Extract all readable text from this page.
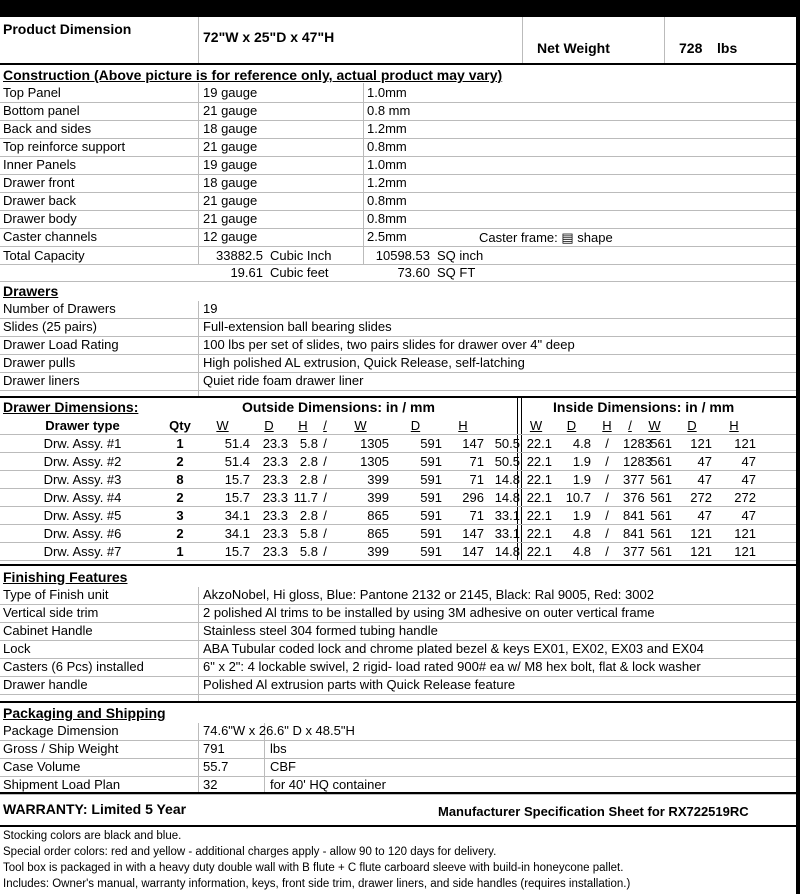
Product Dimension	72"W x 25"D x 47"H
Net Weight	728 lbs
Construction (Above picture is for reference only, actual product may vary)
Caster frame: ▤ shape
Total Capacity	33882.5 Cubic Inch	10598.53 SQ inch
19.61 Cubic feet	73.60 SQ FT
Drawers
Drawer Dimensions:	Outside Dimensions: in / mm	Inside Dimensions: in / mm
Drawer type	Qty	W	D	H	/	W	D	H		W	D	H	/	W	D	H	
Drw. Assy. #1	1	51.4	23.3	5.8	/	1305	591	147	50.5	22.1	4.8	/	1283	561	121	121	
Drw. Assy. #2	2	51.4	23.3	2.8	/	1305	591	71	50.5	22.1	1.9	/	1283	561	47	47	
Drw. Assy. #3	8	15.7	23.3	2.8	/	399	591	71	14.8	22.1	1.9	/	377	561	47	47	
Drw. Assy. #4	2	15.7	23.3	11.7	/	399	591	296	14.8	22.1	10.7	/	376	561	272	272	
Drw. Assy. #5	3	34.1	23.3	2.8	/	865	591	71	33.1	22.1	1.9	/	841	561	47	47	
Drw. Assy. #6	2	34.1	23.3	5.8	/	865	591	147	33.1	22.1	4.8	/	841	561	121	121	
Drw. Assy. #7	1	15.7	23.3	5.8	/	399	591	147	14.8	22.1	4.8	/	377	561	121	121	
Finishing Features
Packaging and Shipping
WARRANTY: Limited 5 Year	Manufacturer Specification Sheet for RX722519RC
Top Panel	19 gauge	1.0mm
Bottom panel	21 gauge	0.8 mm
Back and sides	18 gauge	1.2mm
Top reinforce support	21 gauge	0.8mm
Inner Panels	19 gauge	1.0mm
Drawer front	18 gauge	1.2mm
Drawer back	21 gauge	0.8mm
Drawer body	21 gauge	0.8mm
Caster channels	12 gauge	2.5mm
Number of Drawers	19
Slides (25 pairs)	Full-extension ball bearing slides
Drawer Load Rating	100 lbs per set of slides, two pairs slides for drawer over 4" deep
Drawer pulls	High polished AL extrusion, Quick Release, self-latching
Drawer liners	Quiet ride foam drawer liner
Type of Finish unit	AkzoNobel, Hi gloss, Blue: Pantone 2132 or 2145, Black: Ral 9005, Red: 3002
Vertical side trim	2 polished Al trims to be installed by using 3M adhesive on outer vertical frame
Cabinet Handle	Stainless steel 304 formed tubing handle
Lock	ABA Tubular coded lock and chrome plated bezel & keys EX01, EX02, EX03 and EX04
Casters (6 Pcs) installed	6" x 2": 4 lockable swivel, 2 rigid- load rated 900# ea w/ M8 hex bolt, flat & lock washer
Drawer handle	Polished Al extrusion parts with Quick Release feature
Package Dimension	74.6"W x 26.6" D x 48.5"H
Gross / Ship Weight	791	lbs
Case Volume	55.7	CBF
Shipment Load Plan	32	for 40' HQ container
Stocking colors are black and blue.
Special order colors: red and yellow - additional charges apply - allow 90 to 120 days for delivery.
Tool box is packaged in with a heavy duty double wall with B flute + C flute carboard sleeve with build-in honeycone pallet.
Includes: Owner's manual, warranty information, keys, front side trim, drawer liners, and side handles (requires installation.)
